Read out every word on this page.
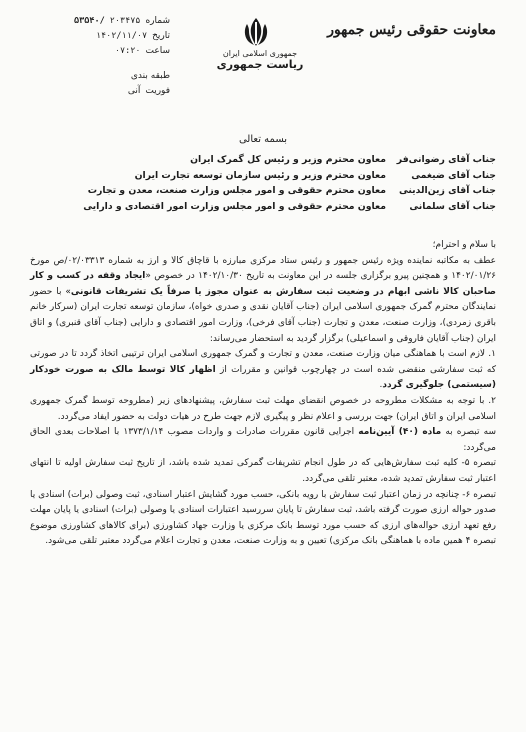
معاونت حقوقی رئیس جمهور
جمهوری اسلامی ایران
ریاست جمهوری
شماره
۲۰۳۴۷۵
۵۳۵۴۰/
تاریخ
۱۴۰۲/۱۱/۰۷
ساعت
۰۷:۲۰
طبقه بندی
فوریت
آنی
بسمه تعالی
جناب آقای رضوانی‌فر
معاون محترم وزیر و رئیس کل گمرک ایران
جناب آقای ضیغمی
معاون محترم وزیر و رئیس سازمان توسعه تجارت ایران
جناب آقای زین‌الدینی
معاون محترم حقوقی و امور مجلس وزارت صنعت، معدن و تجارت
جناب آقای سلمانی
معاون محترم حقوقی و امور مجلس وزارت امور اقتصادی و دارایی

با سلام و احترام؛

عطف به مکاتبه نماینده ویژه رئیس جمهور و رئیس ستاد مرکزی مبارزه با قاچاق کالا و ارز به شماره ۰۲/۰۳۳۱۳/ص مورخ ۱۴۰۲/۰۱/۲۶ و همچنین پیرو برگزاری جلسه در این معاونت به تاریخ ۱۴۰۲/۱۰/۳۰ در خصوص «ایجاد وقفه در کسب و کار صاحبان کالا ناشی ابهام در وضعیت ثبت سفارش به عنوان مجوز یا صرفاً یک تشریفات قانونی» با حضور نمایندگان محترم گمرک جمهوری اسلامی ایران (جناب آقایان نقدی و صدری خواه)، سازمان توسعه تجارت ایران (سرکار خانم باقری زمردی)، وزارت صنعت، معدن و تجارت (جناب آقای فرخی)، وزارت امور اقتصادی و دارایی (جناب آقای قنبری) و اتاق ایران (جناب آقایان فاروقی و اسماعیلی) برگزار گردید به استحضار می‌رساند:

۱. لازم است با هماهنگی میان وزارت صنعت، معدن و تجارت و گمرک جمهوری اسلامی ایران ترتیبی اتخاذ گردد تا در صورتی که ثبت سفارشی منقضی شده است در چهارچوب قوانین و مقررات از اظهار کالا توسط مالک به صورت خودکار (سیستمی) جلوگیری گردد.

۲. با توجه به مشکلات مطروحه در خصوص انقضای مهلت ثبت سفارش، پیشنهادهای زیر (مطروحه توسط گمرک جمهوری اسلامی ایران و اتاق ایران) جهت بررسی و اعلام نظر و پیگیری لازم جهت طرح در هیات دولت به حضور ایفاد می‌گردد.

سه تبصره به ماده (۴۰) آیین‌نامه اجرایی قانون مقررات صادرات و واردات مصوب ۱۳۷۳/۱/۱۴ با اصلاحات بعدی الحاق می‌گردد:

تبصره ۵- کلیه ثبت سفارش‌هایی که در طول انجام تشریفات گمرکی تمدید شده باشد، از تاریخ ثبت سفارش اولیه تا انتهای اعتبار ثبت سفارش تمدید شده، معتبر تلقی می‌گردد.

تبصره ۶- چنانچه در زمان اعتبار ثبت سفارش با رویه بانکی، حسب مورد گشایش اعتبار اسنادی، ثبت وصولی (برات) اسنادی یا صدور حواله ارزی صورت گرفته باشد، ثبت سفارش تا پایان سررسید اعتبارات اسنادی یا وصولی (برات) اسنادی یا پایان مهلت رفع تعهد ارزی حواله‌های ارزی که حسب مورد توسط بانک مرکزی یا وزارت جهاد کشاورزی (برای کالاهای کشاورزی موضوع تبصره ۴ همین ماده با هماهنگی بانک مرکزی) تعیین و به وزارت صنعت، معدن و تجارت اعلام می‌گردد معتبر تلقی می‌شود.
